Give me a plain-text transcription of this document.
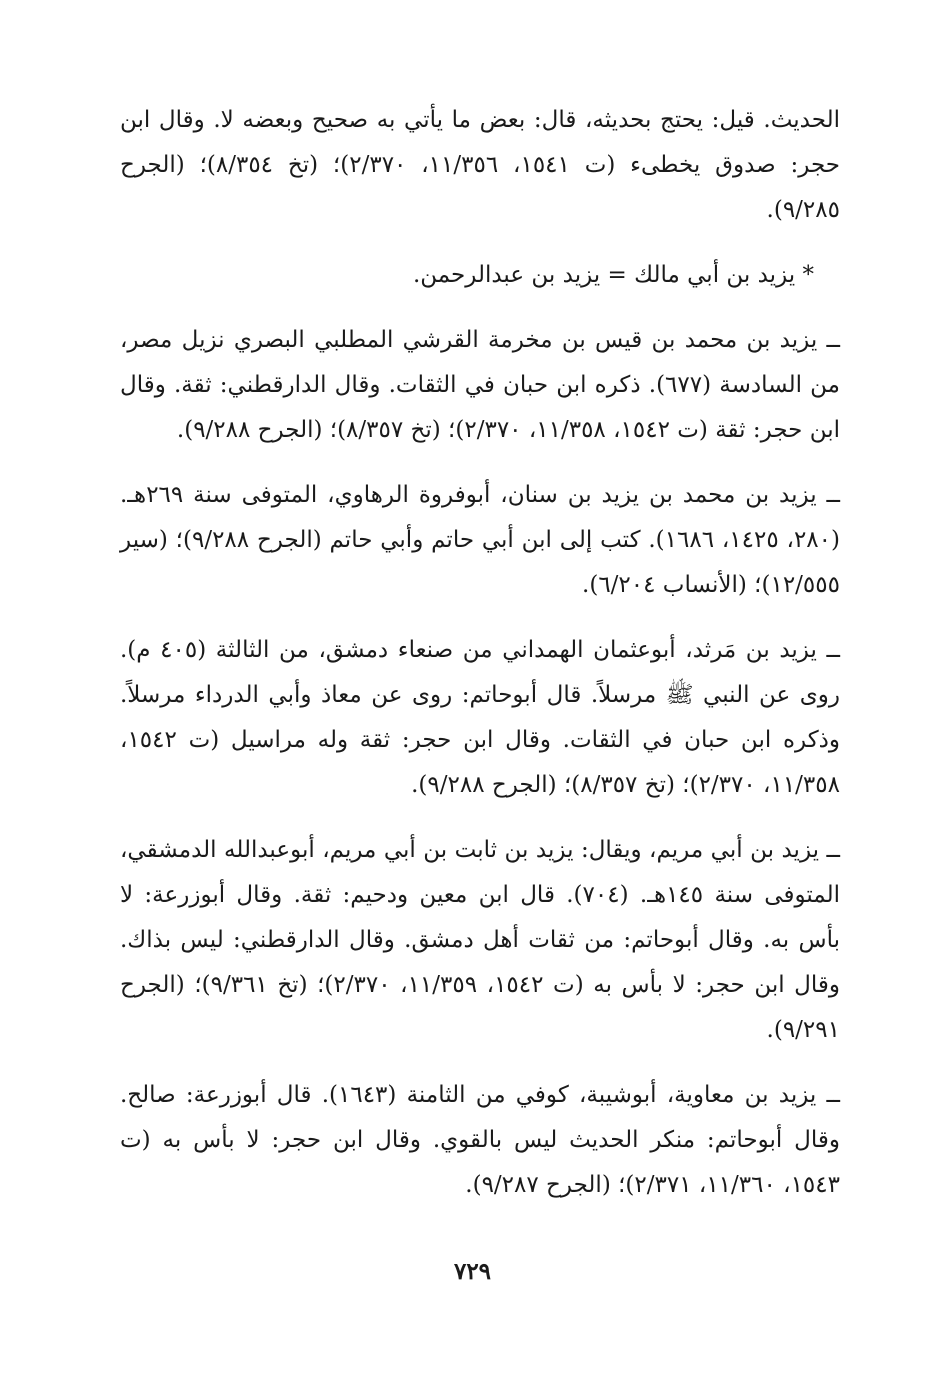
الحديث. قيل: يحتج بحديثه، قال: بعض ما يأتي به صحيح وبعضه لا. وقال ابن حجر: صدوق يخطىء (ت ١٥٤١، ١١/٣٥٦، ٢/٣٧٠)؛ (تخ ٨/٣٥٤)؛ (الجرح ٩/٢٨٥).

* يزيد بن أبي مالك = يزيد بن عبدالرحمن.

ــ يزيد بن محمد بن قيس بن مخرمة القرشي المطلبي البصري نزيل مصر، من السادسة (٦٧٧). ذكره ابن حبان في الثقات. وقال الدارقطني: ثقة. وقال ابن حجر: ثقة (ت ١٥٤٢، ١١/٣٥٨، ٢/٣٧٠)؛ (تخ ٨/٣٥٧)؛ (الجرح ٩/٢٨٨).

ــ يزيد بن محمد بن يزيد بن سنان، أبوفروة الرهاوي، المتوفى سنة ٢٦٩هـ. (٢٨٠، ١٤٢٥، ١٦٨٦). كتب إلى ابن أبي حاتم وأبي حاتم (الجرح ٩/٢٨٨)؛ (سير ١٢/٥٥٥)؛ (الأنساب ٦/٢٠٤).

ــ يزيد بن مَرثد، أبوعثمان الهمداني من صنعاء دمشق، من الثالثة (٤٠٥ م). روى عن النبي ﷺ مرسلاً. قال أبوحاتم: روى عن معاذ وأبي الدرداء مرسلاً. وذكره ابن حبان في الثقات. وقال ابن حجر: ثقة وله مراسيل (ت ١٥٤٢، ١١/٣٥٨، ٢/٣٧٠)؛ (تخ ٨/٣٥٧)؛ (الجرح ٩/٢٨٨).

ــ يزيد بن أبي مريم، ويقال: يزيد بن ثابت بن أبي مريم، أبوعبدالله الدمشقي، المتوفى سنة ١٤٥هـ. (٧٠٤). قال ابن معين ودحيم: ثقة. وقال أبوزرعة: لا بأس به. وقال أبوحاتم: من ثقات أهل دمشق. وقال الدارقطني: ليس بذاك. وقال ابن حجر: لا بأس به (ت ١٥٤٢، ١١/٣٥٩، ٢/٣٧٠)؛ (تخ ٩/٣٦١)؛ (الجرح ٩/٢٩١).

ــ يزيد بن معاوية، أبوشيبة، كوفي من الثامنة (١٦٤٣). قال أبوزرعة: صالح. وقال أبوحاتم: منكر الحديث ليس بالقوي. وقال ابن حجر: لا بأس به (ت ١٥٤٣، ١١/٣٦٠، ٢/٣٧١)؛ (الجرح ٩/٢٨٧).

٧٢٩
